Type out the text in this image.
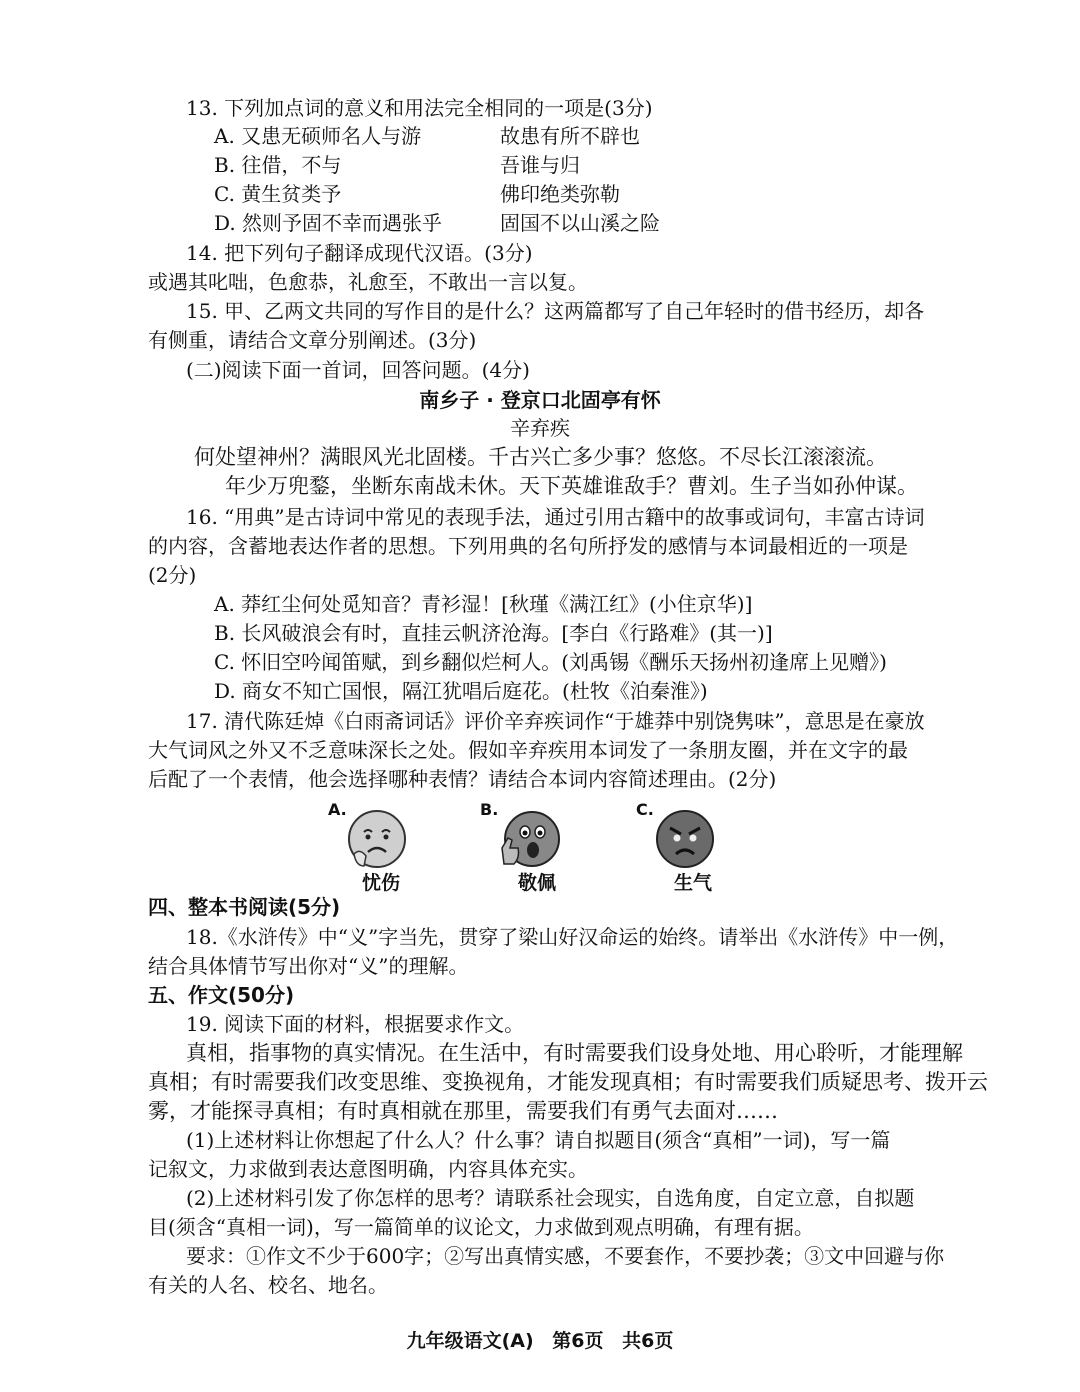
13. 下列加点词的意义和用法完全相同的一项是(3分)
A. 又患无硕师名人与游	故患有所不辟也
B. 往借，不与	吾谁与归
C. 黄生贫类予	佛印绝类弥勒
D. 然则予固不幸而遇张乎	固国不以山溪之险
14. 把下列句子翻译成现代汉语。(3分)
或遇其叱咄，色愈恭，礼愈至，不敢出一言以复。
15. 甲、乙两文共同的写作目的是什么？这两篇都写了自己年轻时的借书经历，却各
有侧重，请结合文章分别阐述。(3分)
(二)阅读下面一首词，回答问题。(4分)
南乡子 · 登京口北固亭有怀
辛弃疾
何处望神州？满眼风光北固楼。千古兴亡多少事？悠悠。不尽长江滚滚流。
年少万兜鍪，坐断东南战未休。天下英雄谁敌手？曹刘。生子当如孙仲谋。
16. “用典”是古诗词中常见的表现手法，通过引用古籍中的故事或词句，丰富古诗词
的内容，含蓄地表达作者的思想。下列用典的名句所抒发的感情与本词最相近的一项是
(2分)
A. 莽红尘何处觅知音？青衫湿！[秋瑾《满江红》(小住京华)]
B. 长风破浪会有时，直挂云帆济沧海。[李白《行路难》(其一)]
C. 怀旧空吟闻笛赋，到乡翻似烂柯人。(刘禹锡《酬乐天扬州初逢席上见赠》)
D. 商女不知亡国恨，隔江犹唱后庭花。(杜牧《泊秦淮》)
17. 清代陈廷焯《白雨斋词话》评价辛弃疾词作“于雄莽中别饶隽味”，意思是在豪放
大气词风之外又不乏意味深长之处。假如辛弃疾用本词发了一条朋友圈，并在文字的最
后配了一个表情，他会选择哪种表情？请结合本词内容简述理由。(2分)
A.
忧伤
B.
敬佩
C.
生气
四、整本书阅读(5分)
18.《水浒传》中“义”字当先，贯穿了梁山好汉命运的始终。请举出《水浒传》中一例，
结合具体情节写出你对“义”的理解。
五、作文(50分)
19. 阅读下面的材料，根据要求作文。
真相，指事物的真实情况。在生活中，有时需要我们设身处地、用心聆听，才能理解
真相；有时需要我们改变思维、变换视角，才能发现真相；有时需要我们质疑思考、拨开云
雾，才能探寻真相；有时真相就在那里，需要我们有勇气去面对……
(1)上述材料让你想起了什么人？什么事？请自拟题目(须含“真相”一词)，写一篇
记叙文，力求做到表达意图明确，内容具体充实。
(2)上述材料引发了你怎样的思考？请联系社会现实，自选角度，自定立意，自拟题
目(须含“真相一词)，写一篇简单的议论文，力求做到观点明确，有理有据。
要求：①作文不少于600字；②写出真情实感，不要套作，不要抄袭；③文中回避与你
有关的人名、校名、地名。
九年级语文(A) 第6页 共6页
